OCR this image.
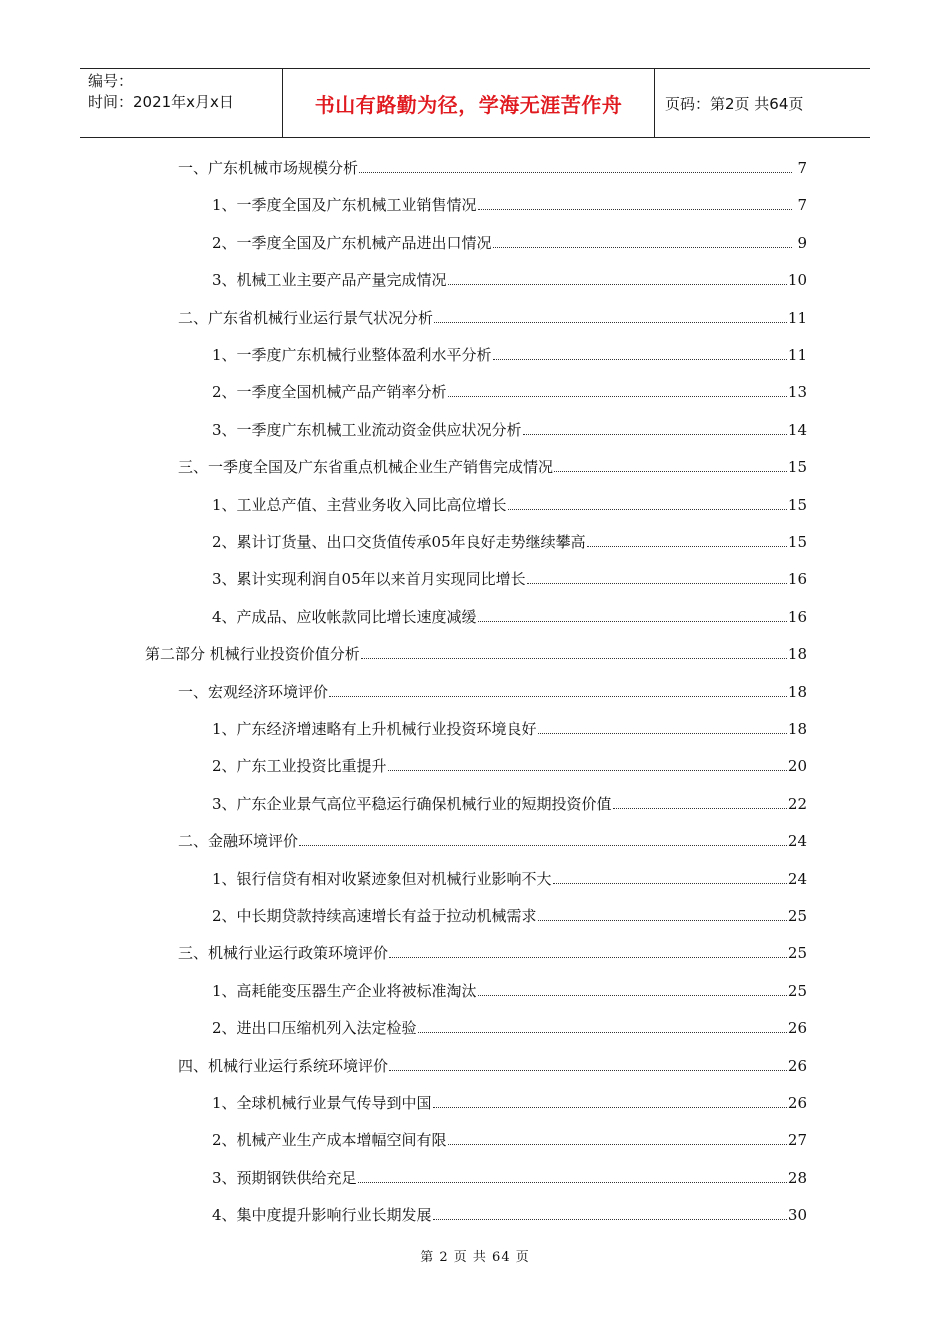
编号：
时间：2021年x月x日	书山有路勤为径，学海无涯苦作舟	页码：第2页 共64页
一、广东机械市场规模分析	7
1、一季度全国及广东机械工业销售情况	7
2、一季度全国及广东机械产品进出口情况	9
3、机械工业主要产品产量完成情况	10
二、广东省机械行业运行景气状况分析	11
1、一季度广东机械行业整体盈利水平分析	11
2、一季度全国机械产品产销率分析	13
3、一季度广东机械工业流动资金供应状况分析	14
三、一季度全国及广东省重点机械企业生产销售完成情况	15
1、工业总产值、主营业务收入同比高位增长	15
2、累计订货量、出口交货值传承05年良好走势继续攀高	15
3、累计实现利润自05年以来首月实现同比增长	16
4、产成品、应收帐款同比增长速度减缓	16
第二部分 机械行业投资价值分析	18
一、宏观经济环境评价	18
1、广东经济增速略有上升机械行业投资环境良好	18
2、广东工业投资比重提升	20
3、广东企业景气高位平稳运行确保机械行业的短期投资价值	22
二、金融环境评价	24
1、银行信贷有相对收紧迹象但对机械行业影响不大	24
2、中长期贷款持续高速增长有益于拉动机械需求	25
三、机械行业运行政策环境评价	25
1、高耗能变压器生产企业将被标准淘汰	25
2、进出口压缩机列入法定检验	26
四、机械行业运行系统环境评价	26
1、全球机械行业景气传导到中国	26
2、机械产业生产成本增幅空间有限	27
3、预期钢铁供给充足	28
4、集中度提升影响行业长期发展	30
第 2 页 共 64 页
